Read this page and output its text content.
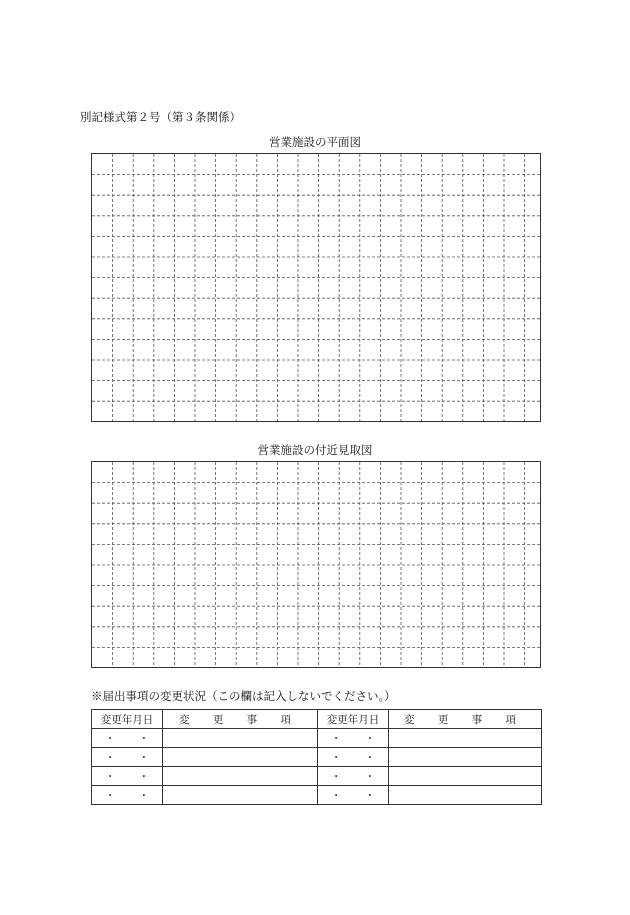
別記様式第２号（第３条関係）
営業施設の平面図
営業施設の付近見取図
※届出事項の変更状況（この欄は記入しないでください。）
変更年月日	変 更 事 項	変更年月日	変 更 事 項
・ ・		・ ・	
・ ・		・ ・	
・ ・		・ ・	
・ ・		・ ・	
